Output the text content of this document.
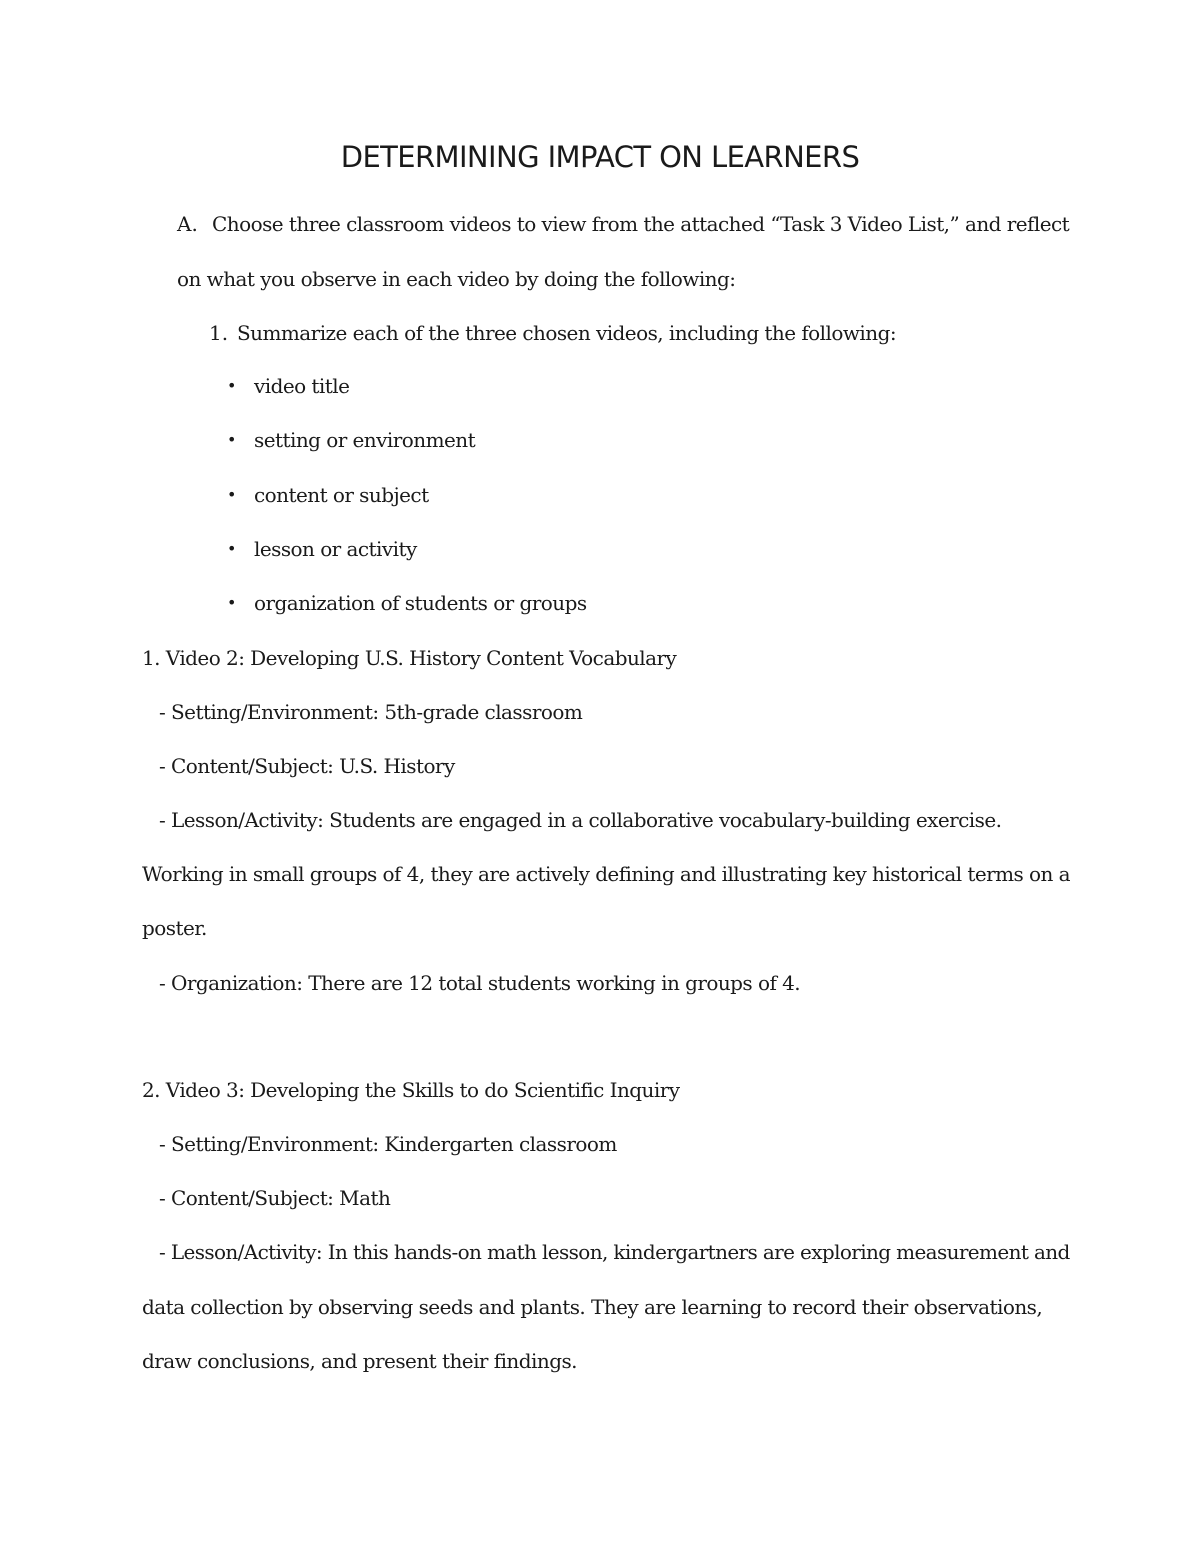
DETERMINING IMPACT ON LEARNERS
A. Choose three classroom videos to view from the attached “Task 3 Video List,” and reflect
on what you observe in each video by doing the following:
1. Summarize each of the three chosen videos, including the following:
• video title
• setting or environment
• content or subject
• lesson or activity
• organization of students or groups
1. Video 2: Developing U.S. History Content Vocabulary
- Setting/Environment: 5th-grade classroom
- Content/Subject: U.S. History
- Lesson/Activity: Students are engaged in a collaborative vocabulary-building exercise.
Working in small groups of 4, they are actively defining and illustrating key historical terms on a
poster.
- Organization: There are 12 total students working in groups of 4.
2. Video 3: Developing the Skills to do Scientific Inquiry
- Setting/Environment: Kindergarten classroom
- Content/Subject: Math
- Lesson/Activity: In this hands-on math lesson, kindergartners are exploring measurement and
data collection by observing seeds and plants. They are learning to record their observations,
draw conclusions, and present their findings.
